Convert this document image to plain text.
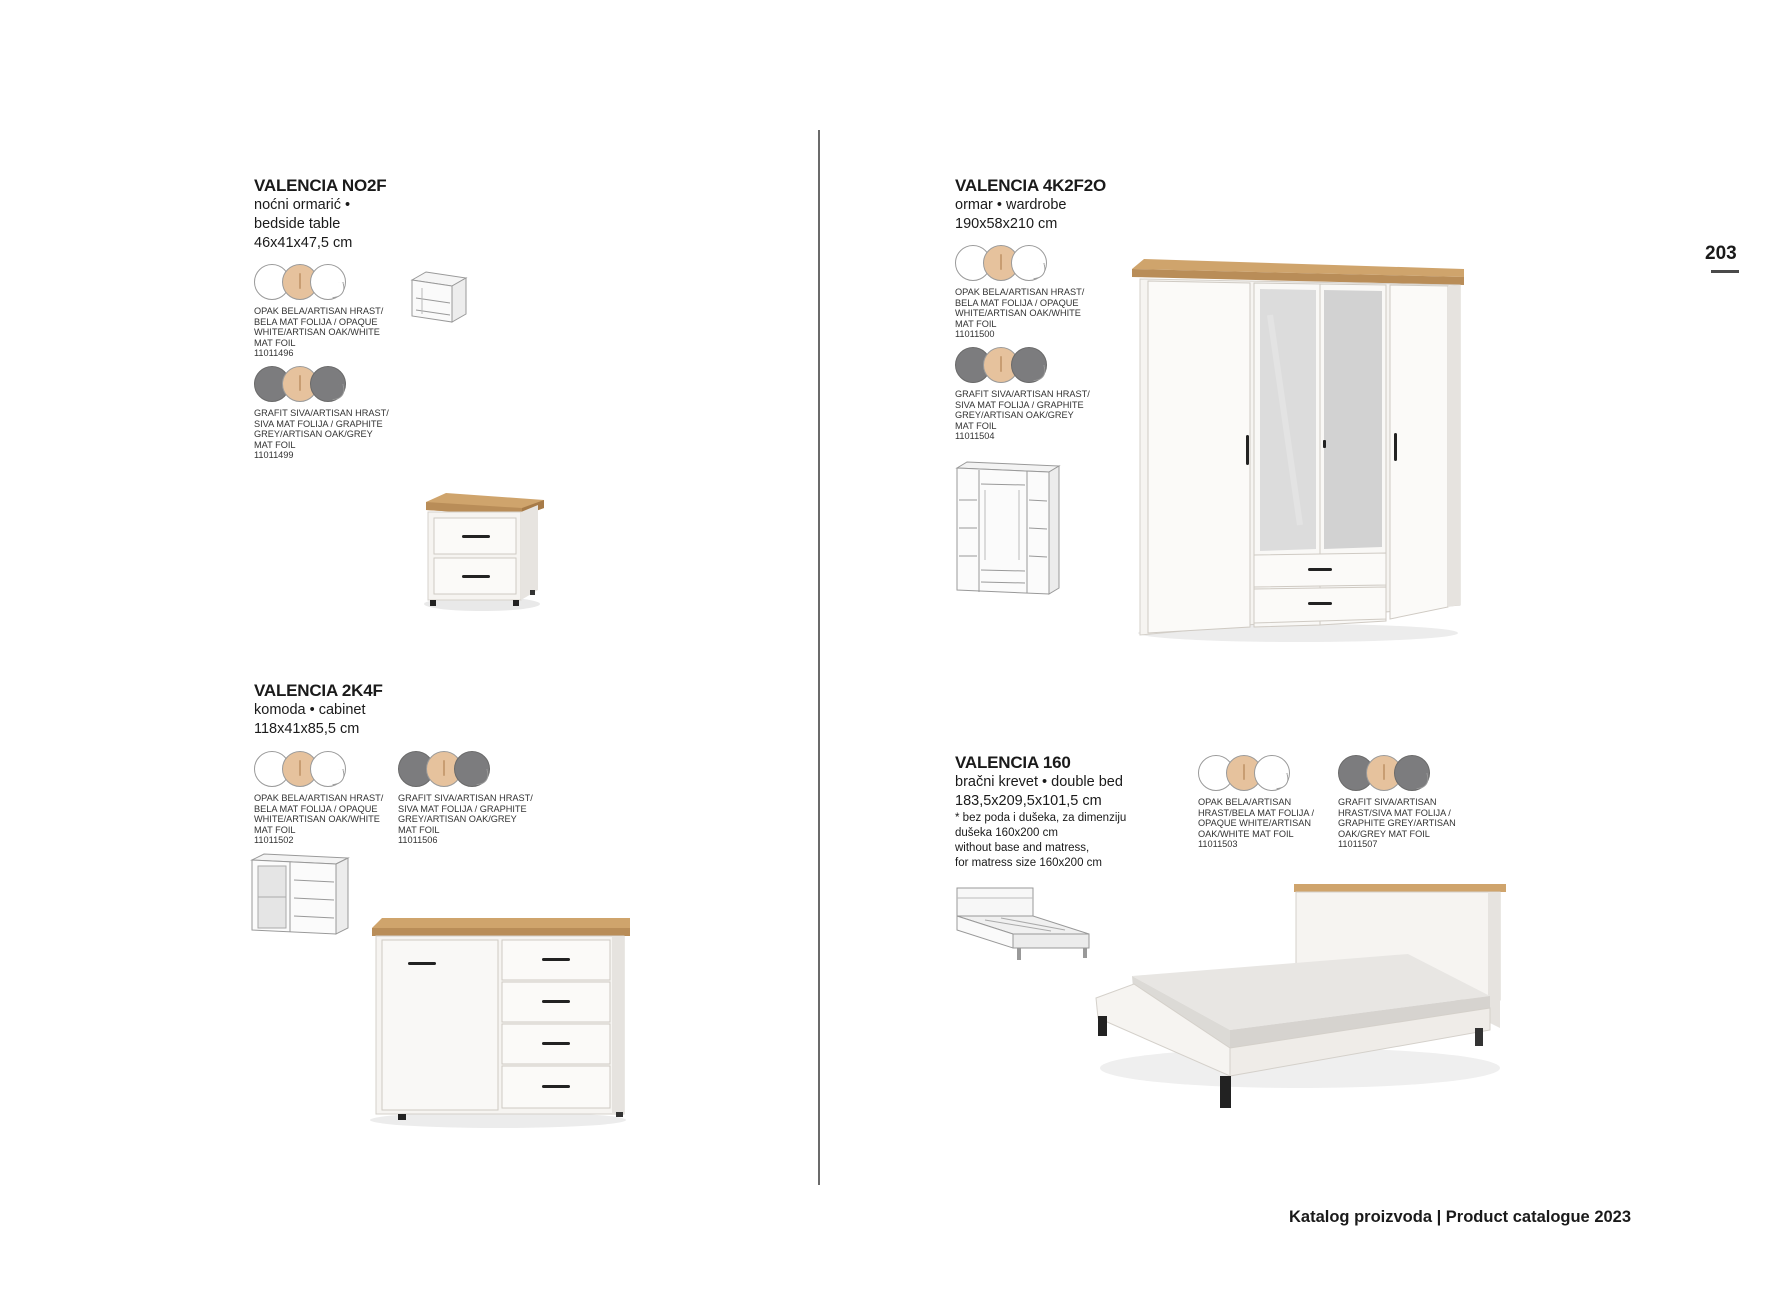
203
VALENCIA NO2F
noćni ormarić •
bedside table
46x41x47,5 cm
OPAK BELA/ARTISAN HRAST/ BELA MAT FOLIJA / OPAQUE WHITE/ARTISAN OAK/WHITE MAT FOIL
11011496
GRAFIT SIVA/ARTISAN HRAST/ SIVA MAT FOLIJA / GRAPHITE GREY/ARTISAN OAK/GREY MAT FOIL
11011499
VALENCIA 2K4F
komoda • cabinet
118x41x85,5 cm
OPAK BELA/ARTISAN HRAST/ BELA MAT FOLIJA / OPAQUE WHITE/ARTISAN OAK/WHITE MAT FOIL
11011502
GRAFIT SIVA/ARTISAN HRAST/ SIVA MAT FOLIJA / GRAPHITE GREY/ARTISAN OAK/GREY MAT FOIL
11011506
VALENCIA 4K2F2O
ormar • wardrobe
190x58x210 cm
OPAK BELA/ARTISAN HRAST/ BELA MAT FOLIJA / OPAQUE WHITE/ARTISAN OAK/WHITE MAT FOIL
11011500
GRAFIT SIVA/ARTISAN HRAST/ SIVA MAT FOLIJA / GRAPHITE GREY/ARTISAN OAK/GREY MAT FOIL
11011504
VALENCIA 160
bračni krevet • double bed
183,5x209,5x101,5 cm
* bez poda i dušeka, za dimenziju
dušeka 160x200 cm
without base and matress,
for matress size 160x200 cm
OPAK BELA/ARTISAN HRAST/BELA MAT FOLIJA / OPAQUE WHITE/ARTISAN OAK/WHITE MAT FOIL
11011503
GRAFIT SIVA/ARTISAN HRAST/SIVA MAT FOLIJA / GRAPHITE GREY/ARTISAN OAK/GREY MAT FOIL
11011507
Katalog proizvoda | Product catalogue 2023
